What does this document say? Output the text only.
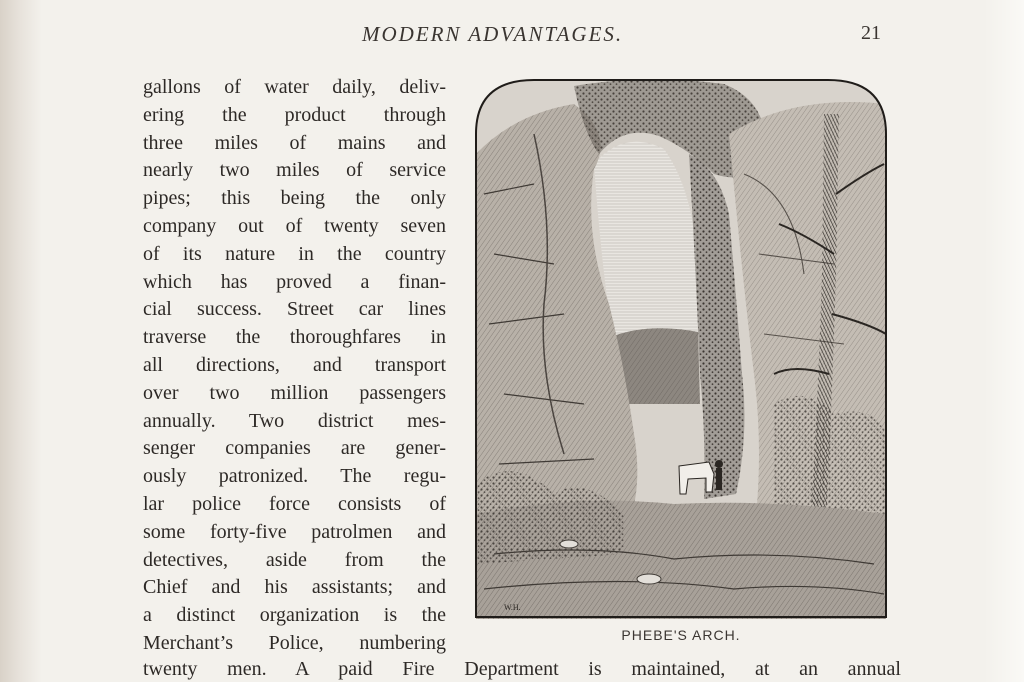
MODERN ADVANTAGES.	21
gallons of water daily, deliv-
ering the product through
three miles of mains and
nearly two miles of service
pipes; this being the only
company out of twenty seven
of its nature in the country
which has proved a finan-
cial success. Street car lines
traverse the thoroughfares in
all directions, and transport
over two million passengers
annually. Two district mes-
senger companies are gener-
ously patronized. The regu-
lar police force consists of
some forty-five patrolmen and
detectives, aside from the
Chief and his assistants; and
a distinct organization is the
Merchant’s Police, numbering
twenty men. A paid Fire Department is maintained, at an annual
W.H.
PHEBE'S ARCH.
